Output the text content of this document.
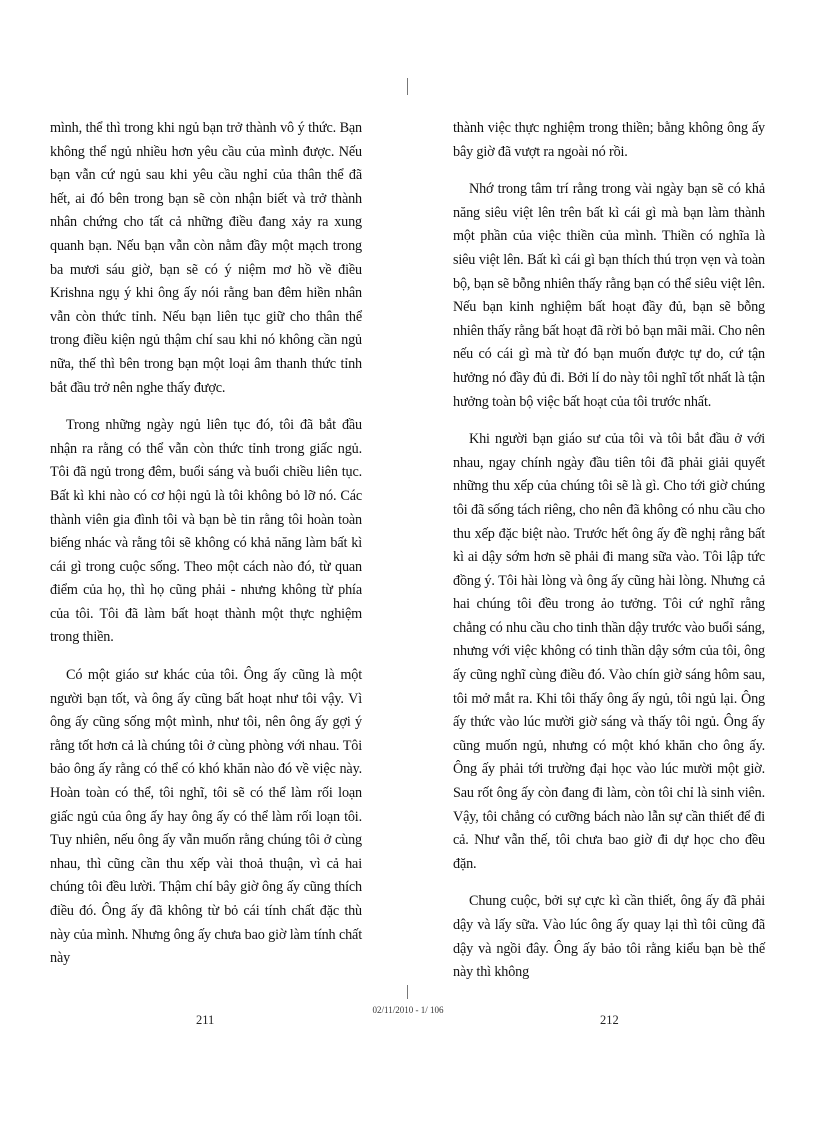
mình, thể thì trong khi ngủ bạn trở thành vô ý thức. Bạn không thể ngủ nhiều hơn yêu cầu của mình được. Nếu bạn vẫn cứ ngủ sau khi yêu cầu nghỉ của thân thể đã hết, ai đó bên trong bạn sẽ còn nhận biết và trở thành nhân chứng cho tất cả những điều đang xảy ra xung quanh bạn. Nếu bạn vẫn còn nằm đầy một mạch trong ba mươi sáu giờ, bạn sẽ có ý niệm mơ hồ về điều Krishna ngụ ý khi ông ấy nói rằng ban đêm hiền nhân vẫn còn thức tỉnh. Nếu bạn liên tục giữ cho thân thể trong điều kiện ngủ thậm chí sau khi nó không cần ngủ nữa, thế thì bên trong bạn một loại âm thanh thức tỉnh bắt đầu trở nên nghe thấy được.

Trong những ngày ngủ liên tục đó, tôi đã bắt đầu nhận ra rằng có thể vẫn còn thức tỉnh trong giấc ngủ. Tôi đã ngủ trong đêm, buổi sáng và buổi chiều liên tục. Bất kì khi nào có cơ hội ngủ là tôi không bỏ lỡ nó. Các thành viên gia đình tôi và bạn bè tin rằng tôi hoàn toàn biếng nhác và rằng tôi sẽ không có khả năng làm bất kì cái gì trong cuộc sống. Theo một cách nào đó, từ quan điểm của họ, thì họ cũng phải - nhưng không từ phía của tôi. Tôi đã làm bất hoạt thành một thực nghiệm trong thiền.

Có một giáo sư khác của tôi. Ông ấy cũng là một người bạn tốt, và ông ấy cũng bất hoạt như tôi vậy. Vì ông ấy cũng sống một mình, như tôi, nên ông ấy gợi ý rằng tốt hơn cả là chúng tôi ở cùng phòng với nhau. Tôi bảo ông ấy rằng có thể có khó khăn nào đó về việc này. Hoàn toàn có thể, tôi nghĩ, tôi sẽ có thể làm rối loạn giấc ngủ của ông ấy hay ông ấy có thể làm rối loạn tôi. Tuy nhiên, nếu ông ấy vẫn muốn rằng chúng tôi ở cùng nhau, thì cũng cần thu xếp vài thoả thuận, vì cả hai chúng tôi đều lười. Thậm chí bây giờ ông ấy cũng thích điều đó. Ông ấy đã không từ bỏ cái tính chất đặc thù này của mình. Nhưng ông ấy chưa bao giờ làm tính chất này

thành việc thực nghiệm trong thiền; bằng không ông ấy bây giờ đã vượt ra ngoài nó rồi.

Nhớ trong tâm trí rằng trong vài ngày bạn sẽ có khả năng siêu việt lên trên bất kì cái gì mà bạn làm thành một phần của việc thiền của mình. Thiền có nghĩa là siêu việt lên. Bất kì cái gì bạn thích thú trọn vẹn và toàn bộ, bạn sẽ bỗng nhiên thấy rằng bạn có thể siêu việt lên. Nếu bạn kinh nghiệm bất hoạt đầy đủ, bạn sẽ bỗng nhiên thấy rằng bất hoạt đã rời bỏ bạn mãi mãi. Cho nên nếu có cái gì mà từ đó bạn muốn được tự do, cứ tận hưởng nó đầy đủ đi. Bởi lí do này tôi nghĩ tốt nhất là tận hưởng toàn bộ việc bất hoạt của tôi trước nhất.

Khi người bạn giáo sư của tôi và tôi bắt đầu ở với nhau, ngay chính ngày đầu tiên tôi đã phải giải quyết những thu xếp của chúng tôi sẽ là gì. Cho tới giờ chúng tôi đã sống tách riêng, cho nên đã không có nhu cầu cho thu xếp đặc biệt nào. Trước hết ông ấy đề nghị rằng bất kì ai dậy sớm hơn sẽ phải đi mang sữa vào. Tôi lập tức đồng ý. Tôi hài lòng và ông ấy cũng hài lòng. Nhưng cả hai chúng tôi đều trong ảo tưởng. Tôi cứ nghĩ rằng chẳng có nhu cầu cho tinh thần dậy trước vào buổi sáng, nhưng với việc không có tinh thần dậy sớm của tôi, ông ấy cũng nghĩ cùng điều đó. Vào chín giờ sáng hôm sau, tôi mở mắt ra. Khi tôi thấy ông ấy ngủ, tôi ngủ lại. Ông ấy thức vào lúc mười giờ sáng và thấy tôi ngủ. Ông ấy cũng muốn ngủ, nhưng có một khó khăn cho ông ấy. Ông ấy phải tới trường đại học vào lúc mười một giờ. Sau rốt ông ấy còn đang đi làm, còn tôi chỉ là sinh viên. Vậy, tôi chẳng có cưỡng bách nào lẫn sự cần thiết để đi cả. Như vẫn thế, tôi chưa bao giờ đi dự học cho đều đặn.

Chung cuộc, bởi sự cực kì cần thiết, ông ấy đã phải dậy và lấy sữa. Vào lúc ông ấy quay lại thì tôi cũng đã dậy và ngồi đây. Ông ấy bảo tôi rằng kiểu bạn bè thế này thì không

211
02/11/2010 - 1/ 106
212
